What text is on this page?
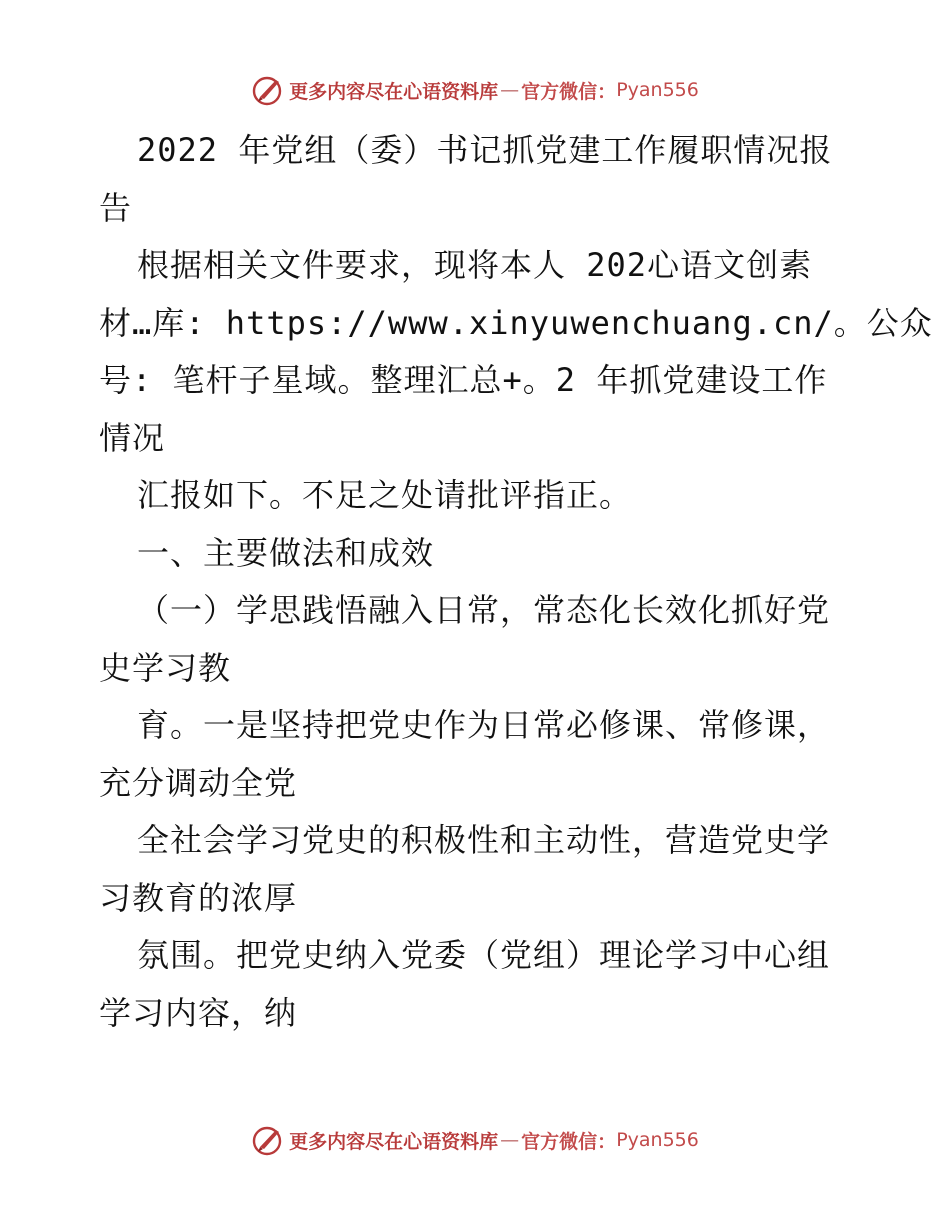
更多内容尽在心语资料库 — 官方微信： Pyan556
2022 年党组（委）书记抓党建工作履职情况报
告
根据相关文件要求，现将本人 202心语文创素
材…库: https://www.xinyuwenchuang.cn/。公众
号: 笔杆子星域。整理汇总+。2 年抓党建设工作
情况
汇报如下。不足之处请批评指正。
一、主要做法和成效
（一）学思践悟融入日常，常态化长效化抓好党
史学习教
育。一是坚持把党史作为日常必修课、常修课，
充分调动全党
全社会学习党史的积极性和主动性，营造党史学
习教育的浓厚
氛围。把党史纳入党委（党组）理论学习中心组
学习内容，纳
更多内容尽在心语资料库 — 官方微信： Pyan556
